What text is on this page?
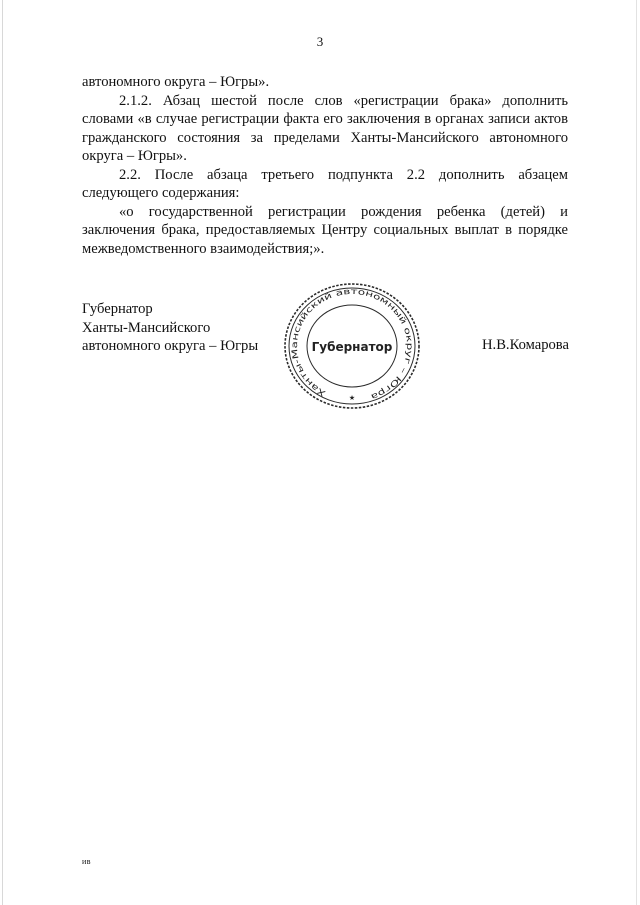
3

автономного округа – Югры».

2.1.2. Абзац шестой после слов «регистрации брака» дополнить словами «в случае регистрации факта его заключения в органах записи актов гражданского состояния за пределами Ханты-Мансийского автономного округа – Югры».

2.2. После абзаца третьего подпункта 2.2 дополнить абзацем следующего содержания:

«о государственной регистрации рождения ребенка (детей) и заключения брака, предоставляемых Центру социальных выплат в порядке межведомственного взаимодействия;».

Губернатор
Ханты-Мансийского
автономного округа – Югры
Ханты-Мансийский автономный округ – Югра
Губернатор
★
Н.В.Комарова
ив
